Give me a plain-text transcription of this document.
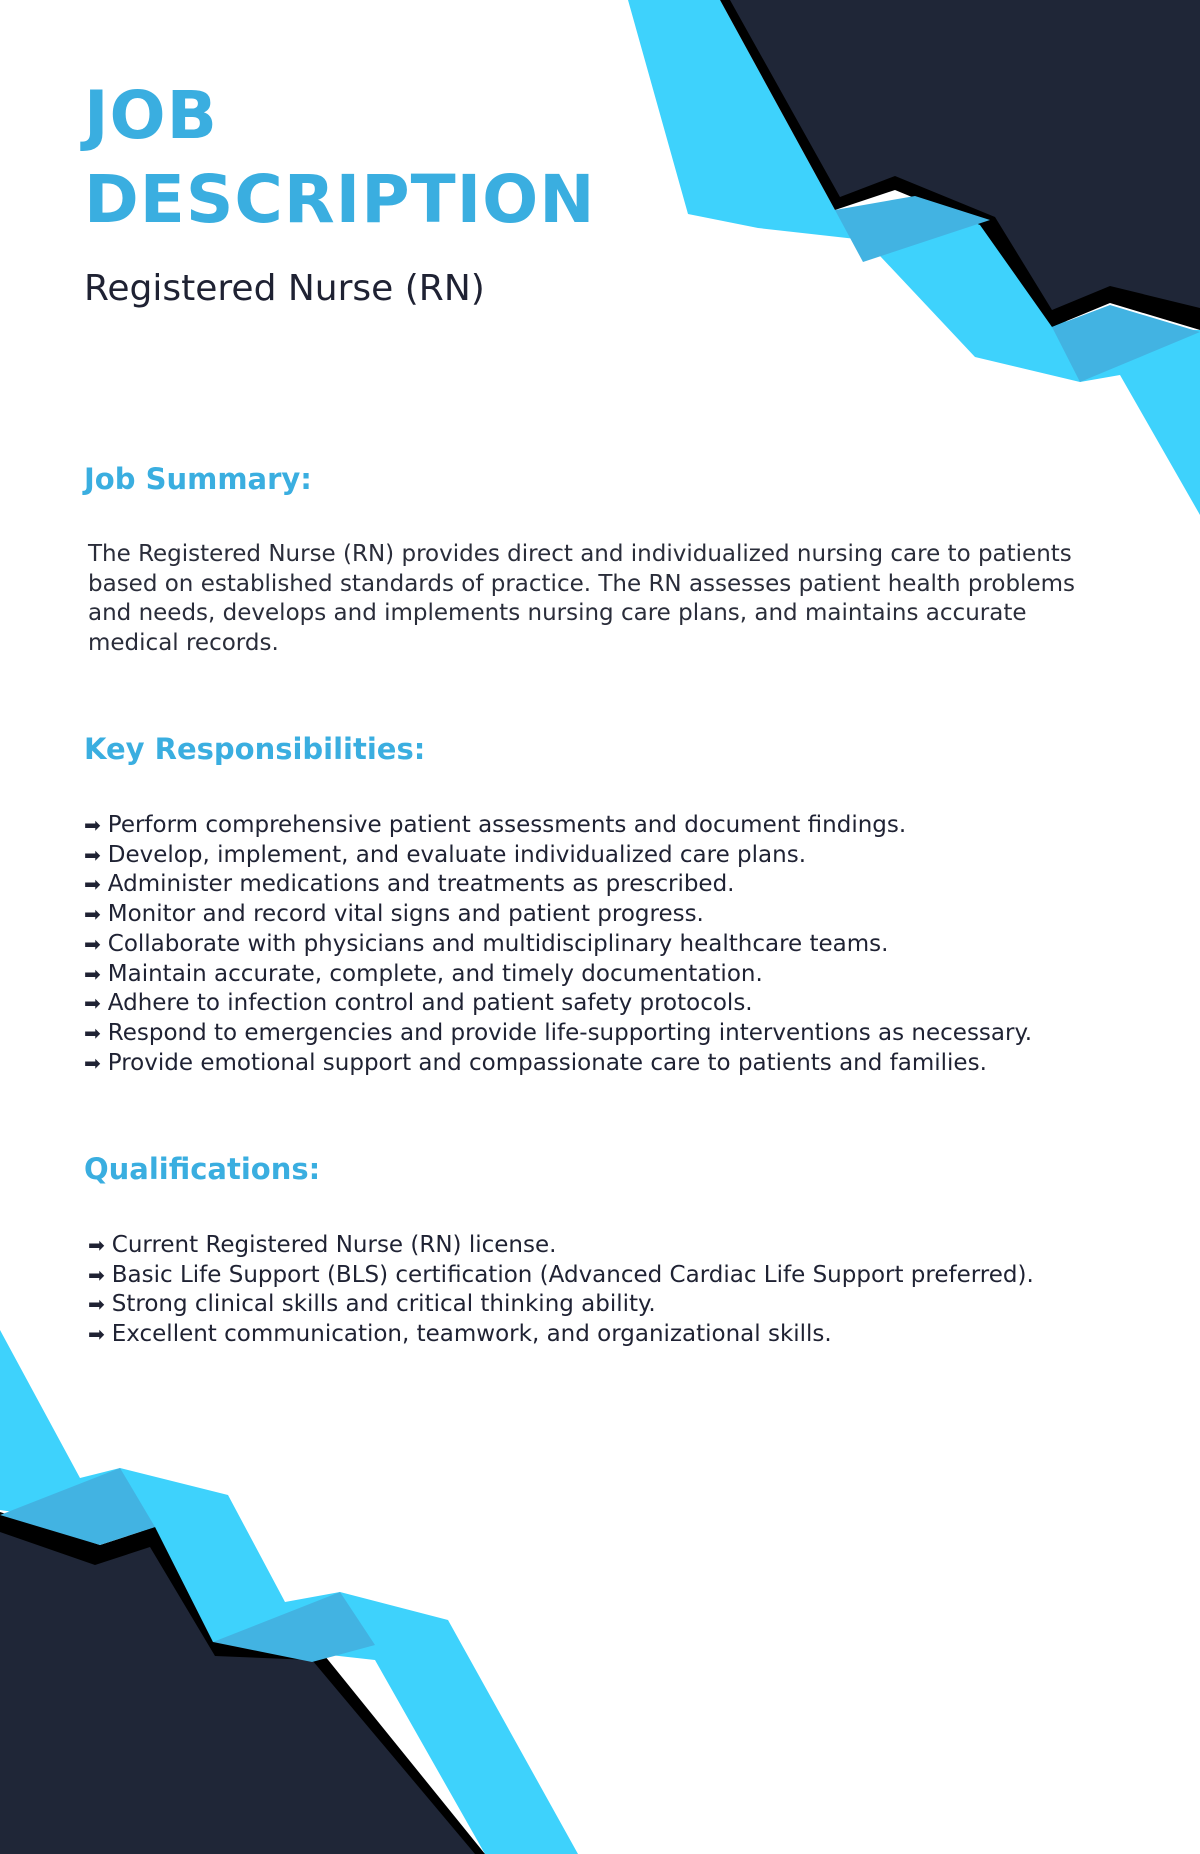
JOB
DESCRIPTION
Registered Nurse (RN)
Job Summary:

The Registered Nurse (RN) provides direct and individualized nursing care to patients based on established standards of practice. The RN assesses patient health problems and needs, develops and implements nursing care plans, and maintains accurate medical records.

Key Responsibilities:
➡ Perform comprehensive patient assessments and document findings.
➡ Develop, implement, and evaluate individualized care plans.
➡ Administer medications and treatments as prescribed.
➡ Monitor and record vital signs and patient progress.
➡ Collaborate with physicians and multidisciplinary healthcare teams.
➡ Maintain accurate, complete, and timely documentation.
➡ Adhere to infection control and patient safety protocols.
➡ Respond to emergencies and provide life-supporting interventions as necessary.
➡ Provide emotional support and compassionate care to patients and families.
Qualifications:
➡ Current Registered Nurse (RN) license.
➡ Basic Life Support (BLS) certification (Advanced Cardiac Life Support preferred).
➡ Strong clinical skills and critical thinking ability.
➡ Excellent communication, teamwork, and organizational skills.
